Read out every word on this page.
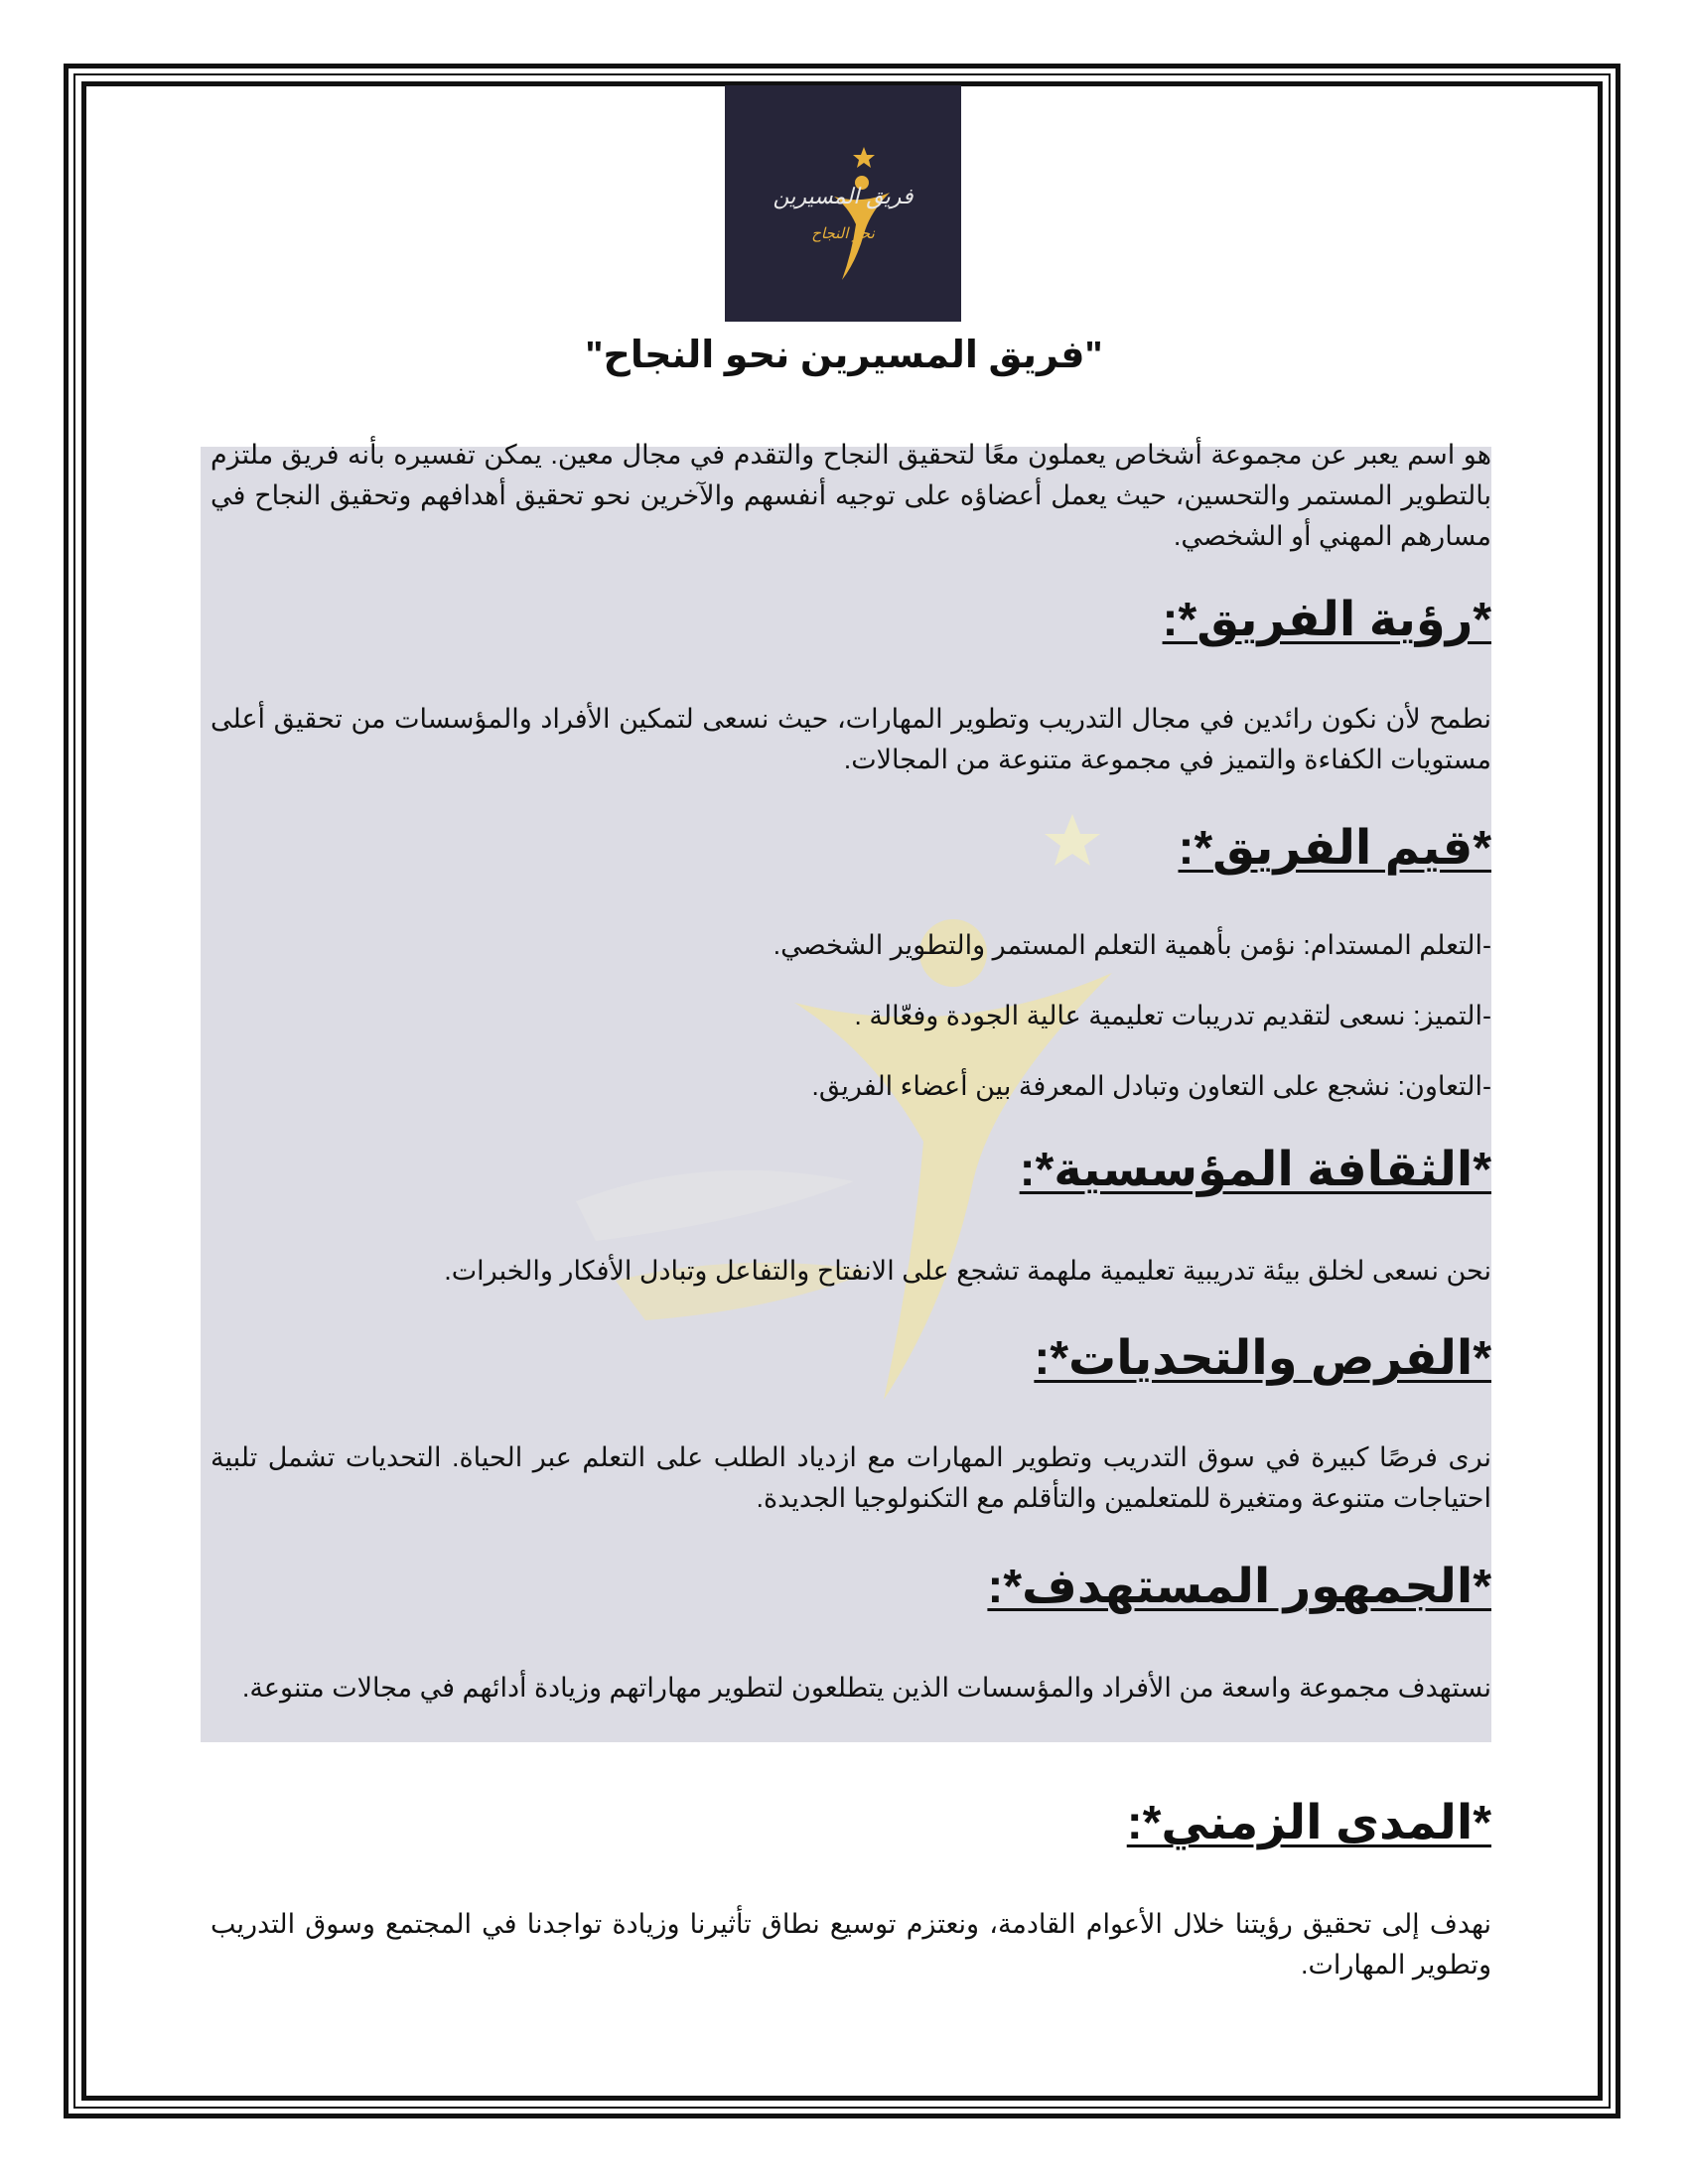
فريق المسيرين
نحو النجاح
"فريق المسيرين نحو النجاح"
هو اسم يعبر عن مجموعة أشخاص يعملون معًا لتحقيق النجاح والتقدم في مجال معين. يمكن تفسيره بأنه فريق ملتزم بالتطوير المستمر والتحسين، حيث يعمل أعضاؤه على توجيه أنفسهم والآخرين نحو تحقيق أهدافهم وتحقيق النجاح في مسارهم المهني أو الشخصي.
*رؤية الفريق*:
نطمح لأن نكون رائدين في مجال التدريب وتطوير المهارات، حيث نسعى لتمكين الأفراد والمؤسسات من تحقيق أعلى مستويات الكفاءة والتميز في مجموعة متنوعة من المجالات.
*قيم الفريق*:
-التعلم المستدام: نؤمن بأهمية التعلم المستمر والتطوير الشخصي.
-التميز: نسعى لتقديم تدريبات تعليمية عالية الجودة وفعّالة .
-التعاون: نشجع على التعاون وتبادل المعرفة بين أعضاء الفريق.
*الثقافة المؤسسية*:
نحن نسعى لخلق بيئة تدريبية تعليمية ملهمة تشجع على الانفتاح والتفاعل وتبادل الأفكار والخبرات.
*الفرص والتحديات*:
نرى فرصًا كبيرة في سوق التدريب وتطوير المهارات مع ازدياد الطلب على التعلم عبر الحياة. التحديات تشمل تلبية احتياجات متنوعة ومتغيرة للمتعلمين والتأقلم مع التكنولوجيا الجديدة.
*الجمهور المستهدف*:
نستهدف مجموعة واسعة من الأفراد والمؤسسات الذين يتطلعون لتطوير مهاراتهم وزيادة أدائهم في مجالات متنوعة.
*المدى الزمني*:
نهدف إلى تحقيق رؤيتنا خلال الأعوام القادمة، ونعتزم توسيع نطاق تأثيرنا وزيادة تواجدنا في المجتمع وسوق التدريب وتطوير المهارات.
